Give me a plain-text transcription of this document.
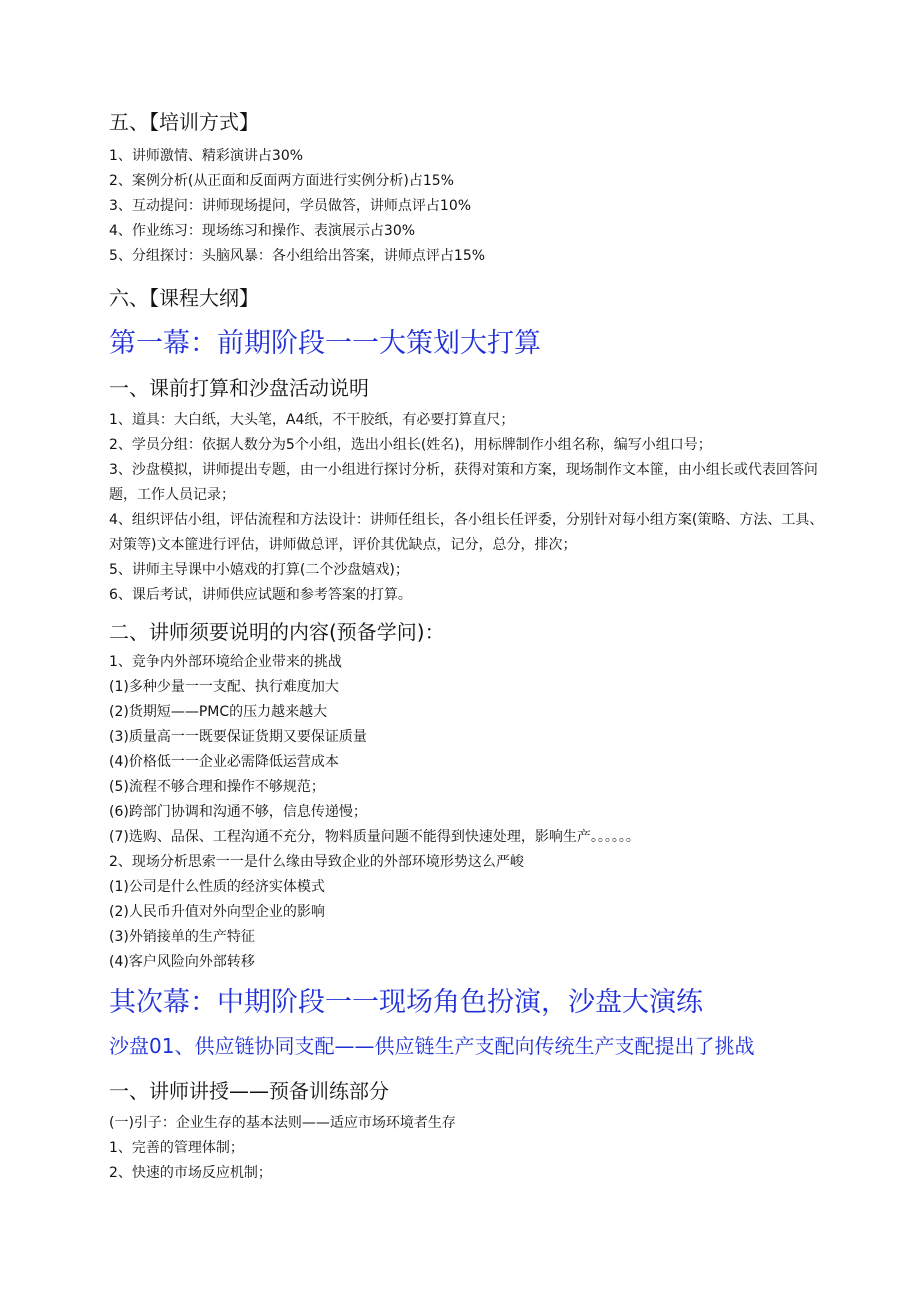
五、【培训方式】
1、讲师激情、精彩演讲占30%
2、案例分析(从正面和反面两方面进行实例分析)占15%
3、互动提问：讲师现场提问，学员做答，讲师点评占10%
4、作业练习：现场练习和操作、表演展示占30%
5、分组探讨：头脑风暴：各小组给出答案，讲师点评占15%
六、【课程大纲】
第一幕：前期阶段一一大策划大打算
一、课前打算和沙盘活动说明
1、道具：大白纸，大头笔，A4纸，不干胶纸，有必要打算直尺；
2、学员分组：依据人数分为5个小组，选出小组长(姓名)，用标牌制作小组名称，编写小组口号；
3、沙盘模拟，讲师提出专题，由一小组进行探讨分析，获得对策和方案，现场制作文本篚，由小组长或代表回答问题，工作人员记录；
4、组织评估小组，评估流程和方法设计：讲师任组长，各小组长任评委，分别针对每小组方案(策略、方法、工具、对策等)文本篚进行评估，讲师做总评，评价其优缺点，记分，总分，排次；
5、讲师主导课中小嬉戏的打算(二个沙盘嬉戏)；
6、课后考试，讲师供应试题和参考答案的打算。
二、讲师须要说明的内容(预备学问)：
1、竞争内外部环境给企业带来的挑战
(1)多种少量一一支配、执行难度加大
(2)货期短——PMC的压力越来越大
(3)质量高一一既要保证货期又要保证质量
(4)价格低一一企业必需降低运营成本
(5)流程不够合理和操作不够规范；
(6)跨部门协调和沟通不够，信息传递慢；
(7)选购、品保、工程沟通不充分，物料质量问题不能得到快速处理，影响生产。。。。。。
2、现场分析思索一一是什么缘由导致企业的外部环境形势这么严峻
(1)公司是什么性质的经济实体模式
(2)人民币升值对外向型企业的影响
(3)外销接单的生产特征
(4)客户风险向外部转移
其次幕：中期阶段一一现场角色扮演，沙盘大演练
沙盘01、供应链协同支配——供应链生产支配向传统生产支配提出了挑战
一、讲师讲授——预备训练部分
(一)引子：企业生存的基本法则——适应市场环境者生存
1、完善的管理体制；
2、快速的市场反应机制；
